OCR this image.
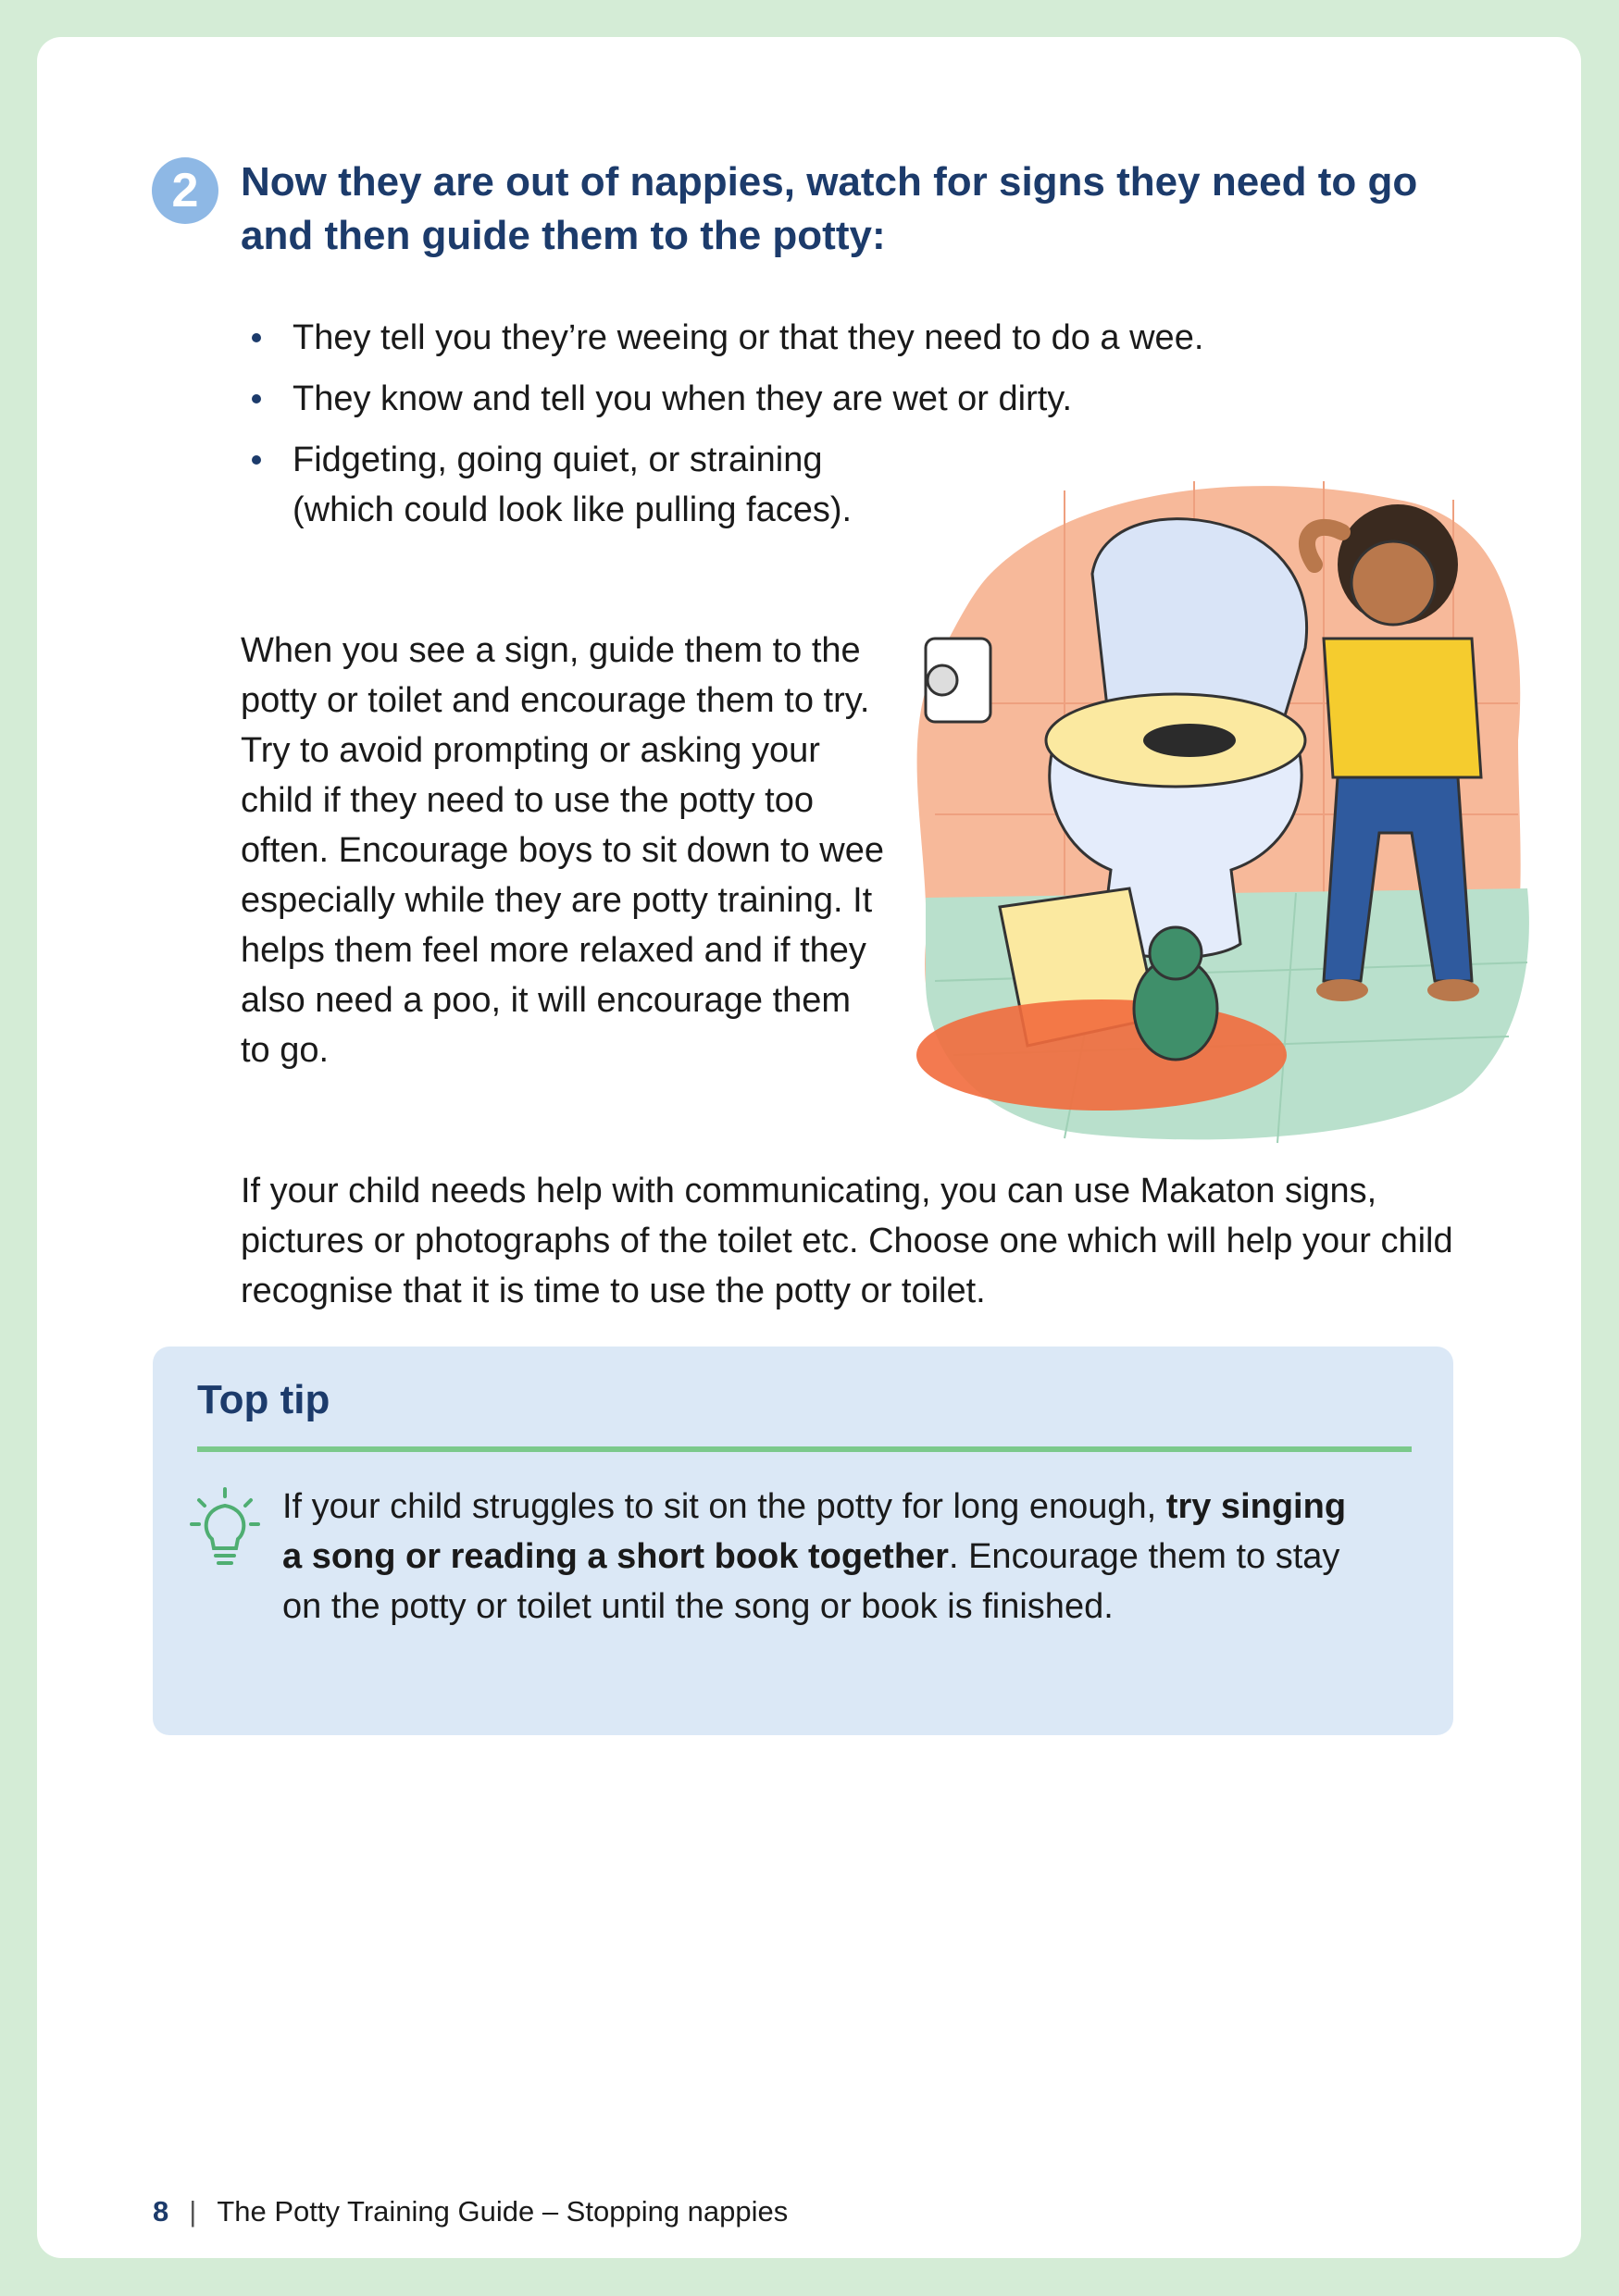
2	Now they are out of nappies, watch for signs they need to go and then guide them to the potty:
They tell you they’re weeing or that they need to do a wee.
They know and tell you when they are wet or dirty.
Fidgeting, going quiet, or straining (which could look like pulling faces).

When you see a sign, guide them to the potty or toilet and encourage them to try. Try to avoid prompting or asking your child if they need to use the potty too often. Encourage boys to sit down to wee especially while they are potty training. It helps them feel more relaxed and if they also need a poo, it will encourage them to go.

If your child needs help with communicating, you can use Makaton signs, pictures or photographs of the toilet etc. Choose one which will help your child recognise that it is time to use the potty or toilet.

Top tip

If your child struggles to sit on the potty for long enough, try singing a song or reading a short book together. Encourage them to stay on the potty or toilet until the song or book is finished.

8 | The Potty Training Guide – Stopping nappies
